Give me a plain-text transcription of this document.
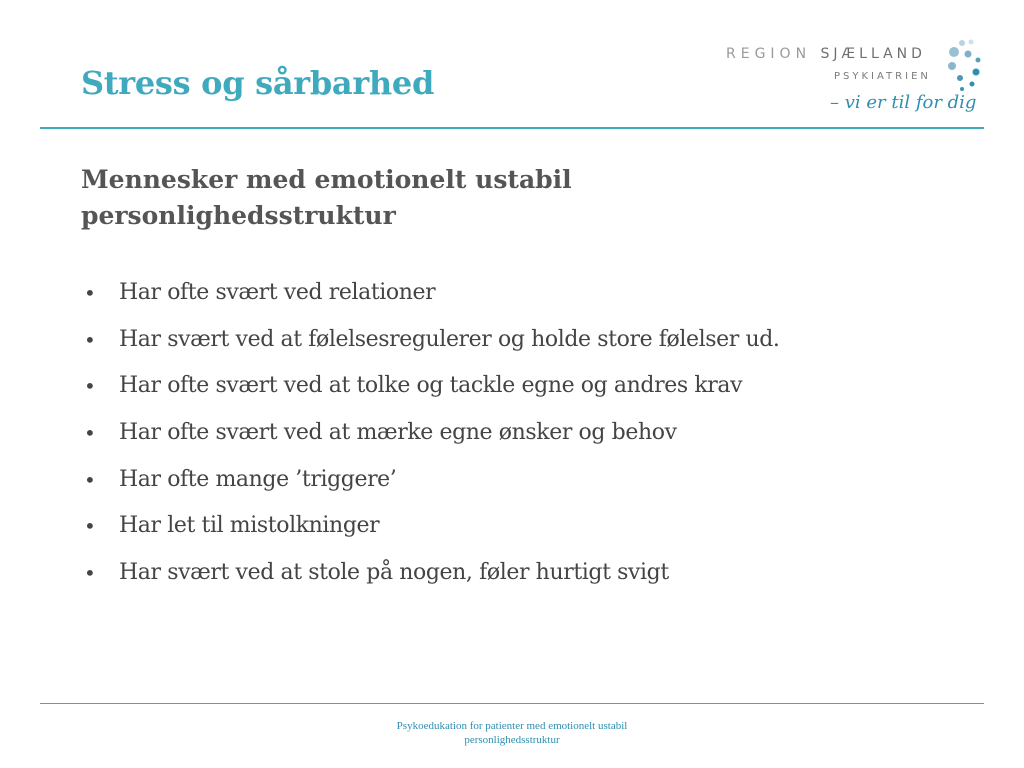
Stress og sårbarhed
REGION SJÆLLAND
PSYKIATRIEN
– vi er til for dig
Mennesker med emotionelt ustabil
personlighedsstruktur
• Har ofte svært ved relationer
• Har svært ved at følelsesregulerer og holde store følelser ud.
• Har ofte svært ved at tolke og tackle egne og andres krav
• Har ofte svært ved at mærke egne ønsker og behov
• Har ofte mange ’triggere’
• Har let til mistolkninger
• Har svært ved at stole på nogen, føler hurtigt svigt
Psykoedukation for patienter med emotionelt ustabil
personlighedsstruktur
